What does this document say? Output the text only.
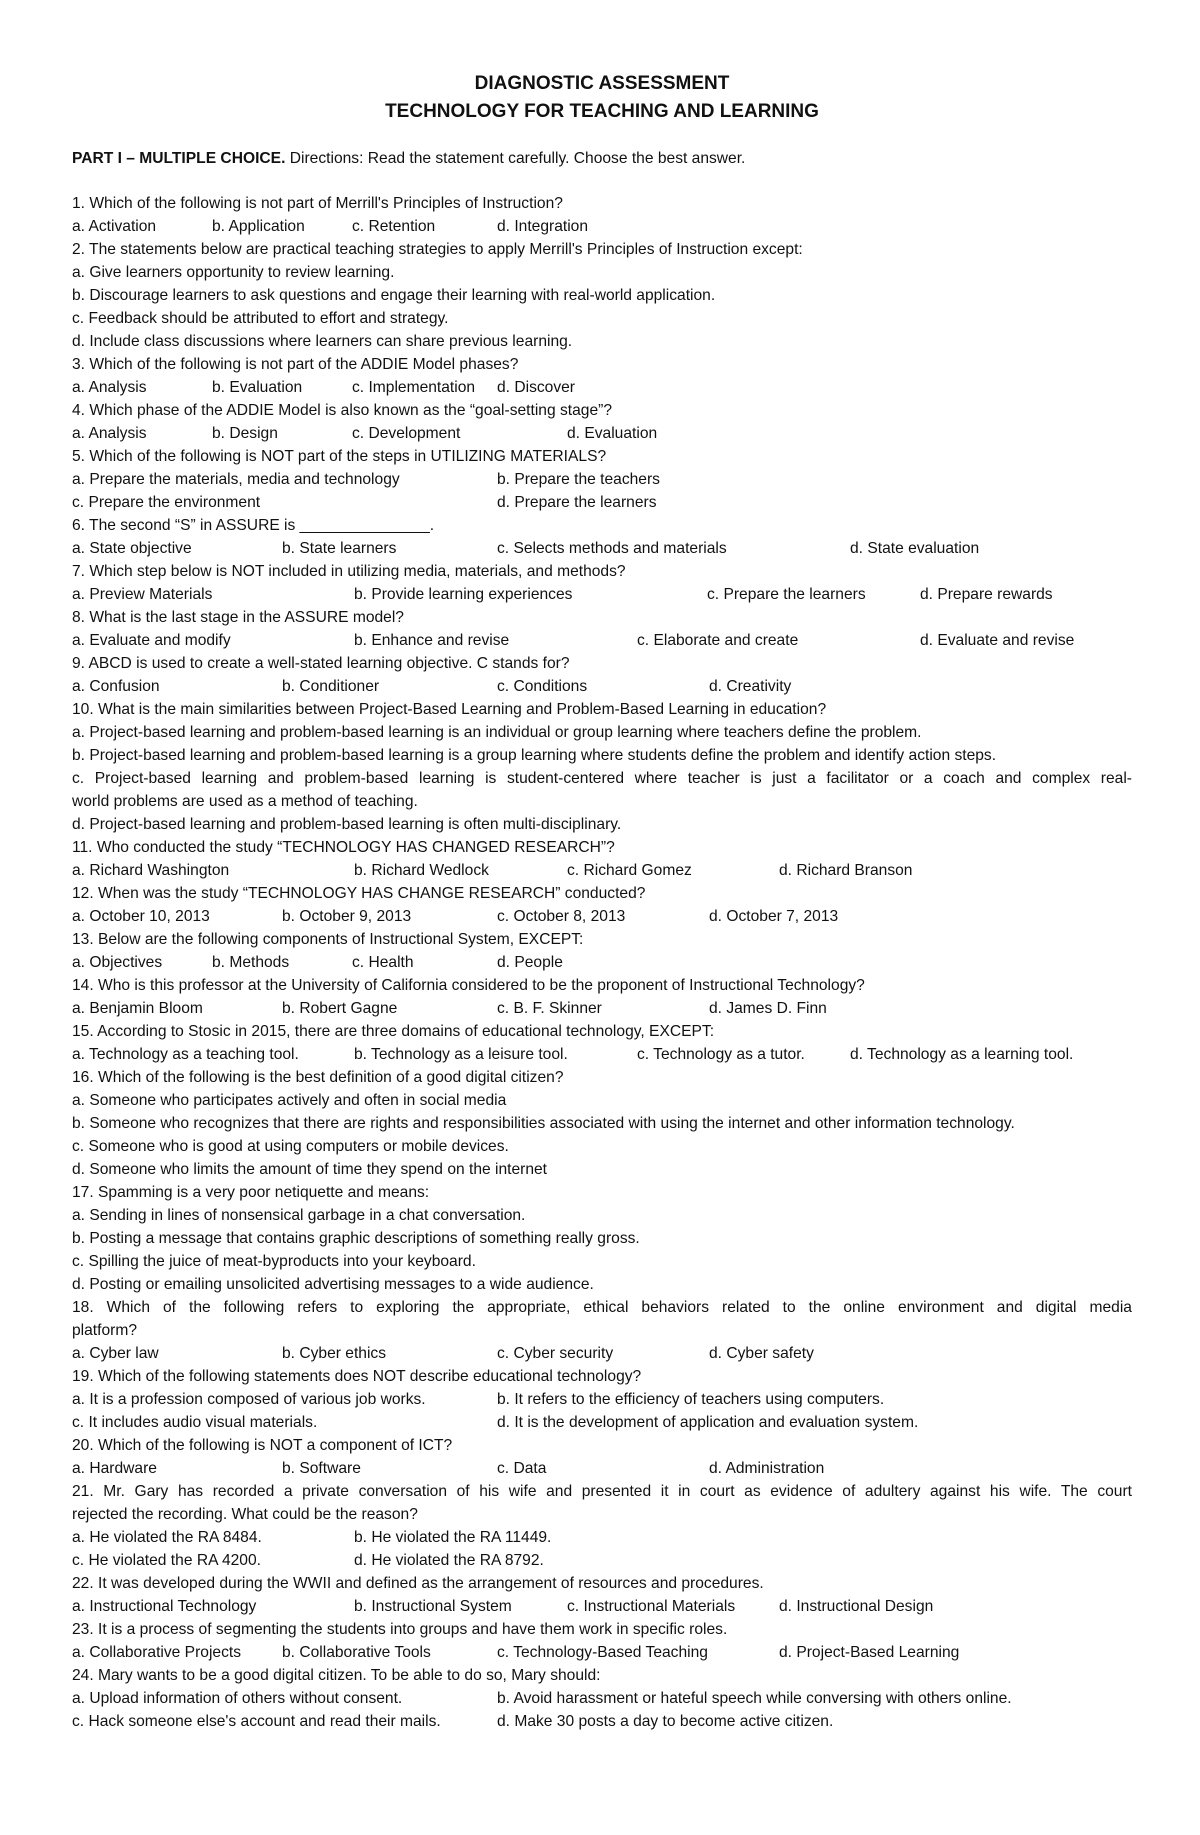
DIAGNOSTIC ASSESSMENT
TECHNOLOGY FOR TEACHING AND LEARNING
PART I – MULTIPLE CHOICE. Directions: Read the statement carefully. Choose the best answer.
1. Which of the following is not part of Merrill's Principles of Instruction?
a. Activation	b. Application	c. Retention	d. Integration
2. The statements below are practical teaching strategies to apply Merrill's Principles of Instruction except:
a. Give learners opportunity to review learning.
b. Discourage learners to ask questions and engage their learning with real-world application.
c. Feedback should be attributed to effort and strategy.
d. Include class discussions where learners can share previous learning.
3. Which of the following is not part of the ADDIE Model phases?
a. Analysis	b. Evaluation	c. Implementation d. Discover
4. Which phase of the ADDIE Model is also known as the “goal-setting stage”?
a. Analysis	b. Design	c. Development	d. Evaluation
5. Which of the following is NOT part of the steps in UTILIZING MATERIALS?
a. Prepare the materials, media and technology	b. Prepare the teachers
c. Prepare the environment	d. Prepare the learners
6. The second “S” in ASSURE is _______________.
a. State objective	b. State learners	c. Selects methods and materials	d. State evaluation
7. Which step below is NOT included in utilizing media, materials, and methods?
a. Preview Materials	b. Provide learning experiences	c. Prepare the learners	d. Prepare rewards
8. What is the last stage in the ASSURE model?
a. Evaluate and modify	b. Enhance and revise	c. Elaborate and create	d. Evaluate and revise
9. ABCD is used to create a well-stated learning objective. C stands for?
a. Confusion	b. Conditioner	c. Conditions	d. Creativity
10. What is the main similarities between Project-Based Learning and Problem-Based Learning in education?
a. Project-based learning and problem-based learning is an individual or group learning where teachers define the problem.
b. Project-based learning and problem-based learning is a group learning where students define the problem and identify action steps.
c. Project-based learning and problem-based learning is student-centered where teacher is just a facilitator or a coach and complex real-
world problems are used as a method of teaching.
d. Project-based learning and problem-based learning is often multi-disciplinary.
11. Who conducted the study “TECHNOLOGY HAS CHANGED RESEARCH”?
a. Richard Washington	b. Richard Wedlock	c. Richard Gomez	d. Richard Branson
12. When was the study “TECHNOLOGY HAS CHANGE RESEARCH” conducted?
a. October 10, 2013	b. October 9, 2013	c. October 8, 2013	d. October 7, 2013
13. Below are the following components of Instructional System, EXCEPT:
a. Objectives	b. Methods	c. Health	d. People
14. Who is this professor at the University of California considered to be the proponent of Instructional Technology?
a. Benjamin Bloom	b. Robert Gagne	c. B. F. Skinner	d. James D. Finn
15. According to Stosic in 2015, there are three domains of educational technology, EXCEPT:
a. Technology as a teaching tool.	b. Technology as a leisure tool.	c. Technology as a tutor.	d. Technology as a learning tool.
16. Which of the following is the best definition of a good digital citizen?
a. Someone who participates actively and often in social media
b. Someone who recognizes that there are rights and responsibilities associated with using the internet and other information technology.
c. Someone who is good at using computers or mobile devices.
d. Someone who limits the amount of time they spend on the internet
17. Spamming is a very poor netiquette and means:
a. Sending in lines of nonsensical garbage in a chat conversation.
b. Posting a message that contains graphic descriptions of something really gross.
c. Spilling the juice of meat-byproducts into your keyboard.
d. Posting or emailing unsolicited advertising messages to a wide audience.
18. Which of the following refers to exploring the appropriate, ethical behaviors related to the online environment and digital media
platform?
a. Cyber law	b. Cyber ethics	c. Cyber security	d. Cyber safety
19. Which of the following statements does NOT describe educational technology?
a. It is a profession composed of various job works.	b. It refers to the efficiency of teachers using computers.
c. It includes audio visual materials.	d. It is the development of application and evaluation system.
20. Which of the following is NOT a component of ICT?
a. Hardware	b. Software	c. Data	d. Administration
21. Mr. Gary has recorded a private conversation of his wife and presented it in court as evidence of adultery against his wife. The court
rejected the recording. What could be the reason?
a. He violated the RA 8484.	b. He violated the RA 11449.
c. He violated the RA 4200.	d. He violated the RA 8792.
22. It was developed during the WWII and defined as the arrangement of resources and procedures.
a. Instructional Technology	b. Instructional System	c. Instructional Materials	d. Instructional Design
23. It is a process of segmenting the students into groups and have them work in specific roles.
a. Collaborative Projects	b. Collaborative Tools	c. Technology-Based Teaching	d. Project-Based Learning
24. Mary wants to be a good digital citizen. To be able to do so, Mary should:
a. Upload information of others without consent.	b. Avoid harassment or hateful speech while conversing with others online.
c. Hack someone else's account and read their mails.	d. Make 30 posts a day to become active citizen.
